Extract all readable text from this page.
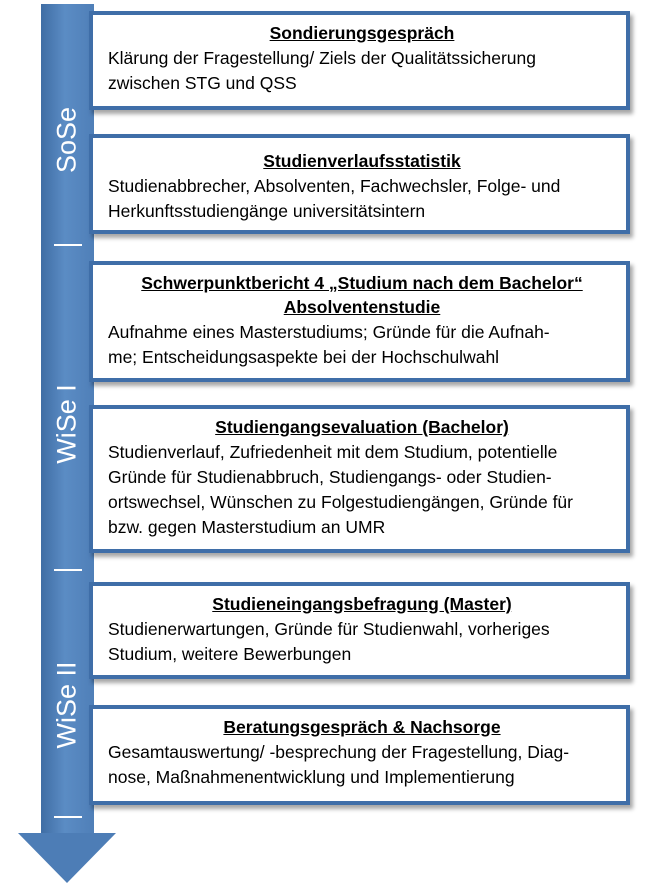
SoSe
WiSe I
WiSe II
Sondierungsgespräch
Klärung der Fragestellung/ Ziels der Qualitätssicherung
zwischen STG und QSS
Studienverlaufsstatistik
Studienabbrecher, Absolventen, Fachwechsler, Folge- und
Herkunftsstudiengänge universitätsintern
Schwerpunktbericht 4 „Studium nach dem Bachelor“
Absolventenstudie
Aufnahme eines Masterstudiums; Gründe für die Aufnah-
me; Entscheidungsaspekte bei der Hochschulwahl
Studiengangsevaluation (Bachelor)
Studienverlauf, Zufriedenheit mit dem Studium, potentielle
Gründe für Studienabbruch, Studiengangs- oder Studien-
ortswechsel, Wünschen zu Folgestudiengängen, Gründe für
bzw. gegen Masterstudium an UMR
Studieneingangsbefragung (Master)
Studienerwartungen, Gründe für Studienwahl, vorheriges
Studium, weitere Bewerbungen
Beratungsgespräch & Nachsorge
Gesamtauswertung/ -besprechung der Fragestellung, Diag-
nose, Maßnahmenentwicklung und Implementierung
